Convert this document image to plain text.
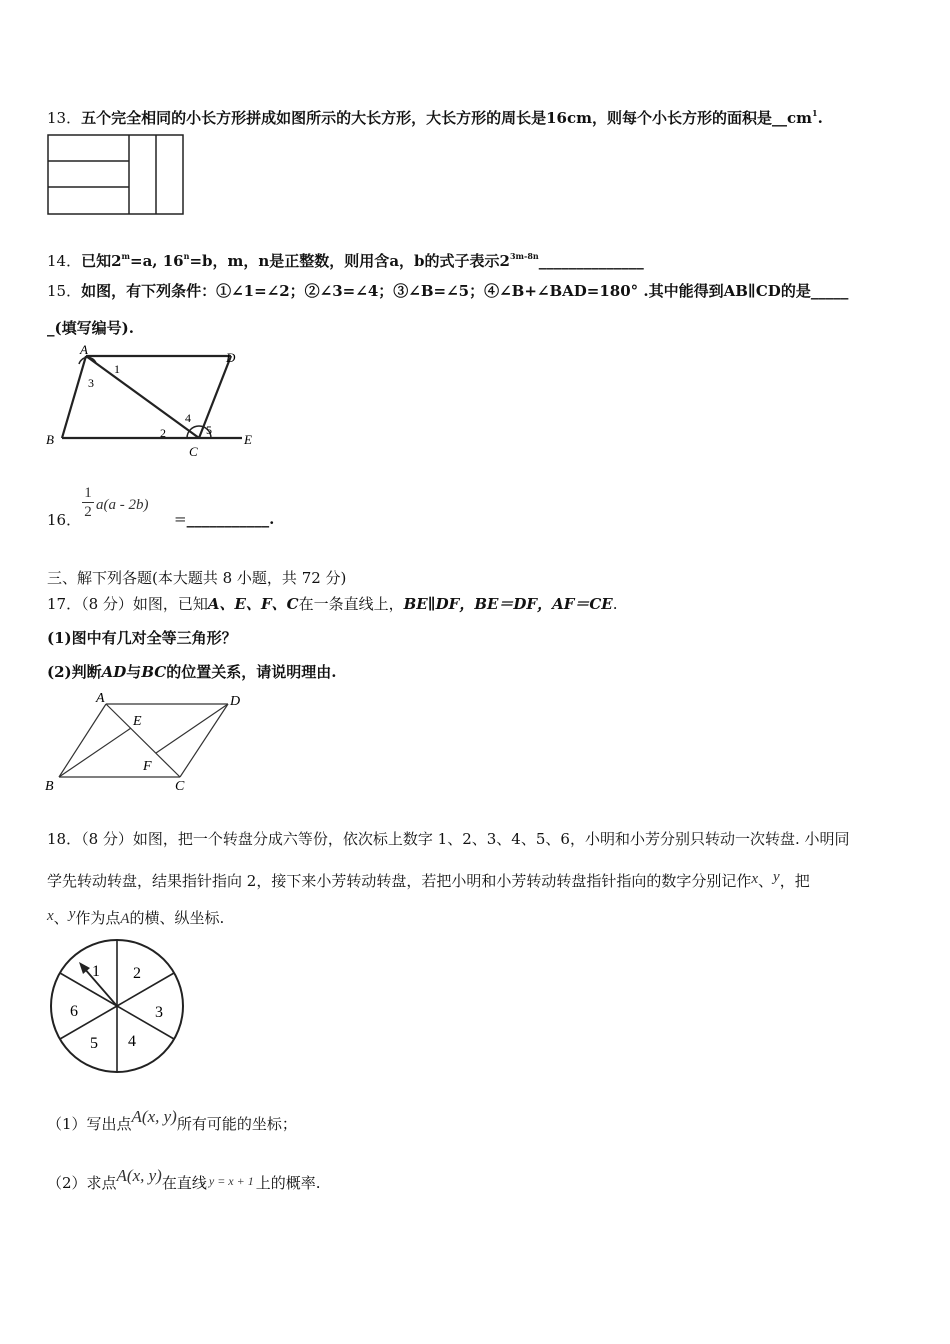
13．五个完全相同的小长方形拼成如图所示的大长方形，大长方形的周长是16cm，则每个小长方形的面积是$\_\_cm^1$.
14．已知$2^m=a$, $16^n=b$，m，n是正整数，则用含a，b的式子表示$2^{3m-8n}\_\_\_\_\_\_\_\_\_\_\_\_\_\_$
15．如图，有下列条件：①∠1=∠2；②∠3=∠4；③∠B=∠5；④∠B+∠BAD=180° .其中能得到AB∥CD的是_____
_(填写编号).
A
D
B
C
E
1
2
3
4
5
16．
1
2 a(a - 2b)
=___________.
三、解下列各题(本大题共 8 小题，共 72 分)
17．（8 分）如图，已知A、E、F、C在一条直线上，BE∥DF，BE＝DF，AF＝CE.
(1)图中有几对全等三角形？
(2)判断AD与BC的位置关系，请说明理由.
A	D
E
F
B	C
18．（8 分）如图，把一个转盘分成六等份，依次标上数字 1、2、3、4、5、6，小明和小芳分别只转动一次转盘. 小明同
学先转动转盘，结果指针指向 2，接下来小芳转动转盘，若把小明和小芳转动转盘指针指向的数字分别记作x、y，把
x、y作为点A的横、纵坐标.
1 2
3
4
5
6
（1）写出点A(x, y)所有可能的坐标；
（2）求点A(x, y)在直线 $^{y = x + 1}$ 上的概率.
